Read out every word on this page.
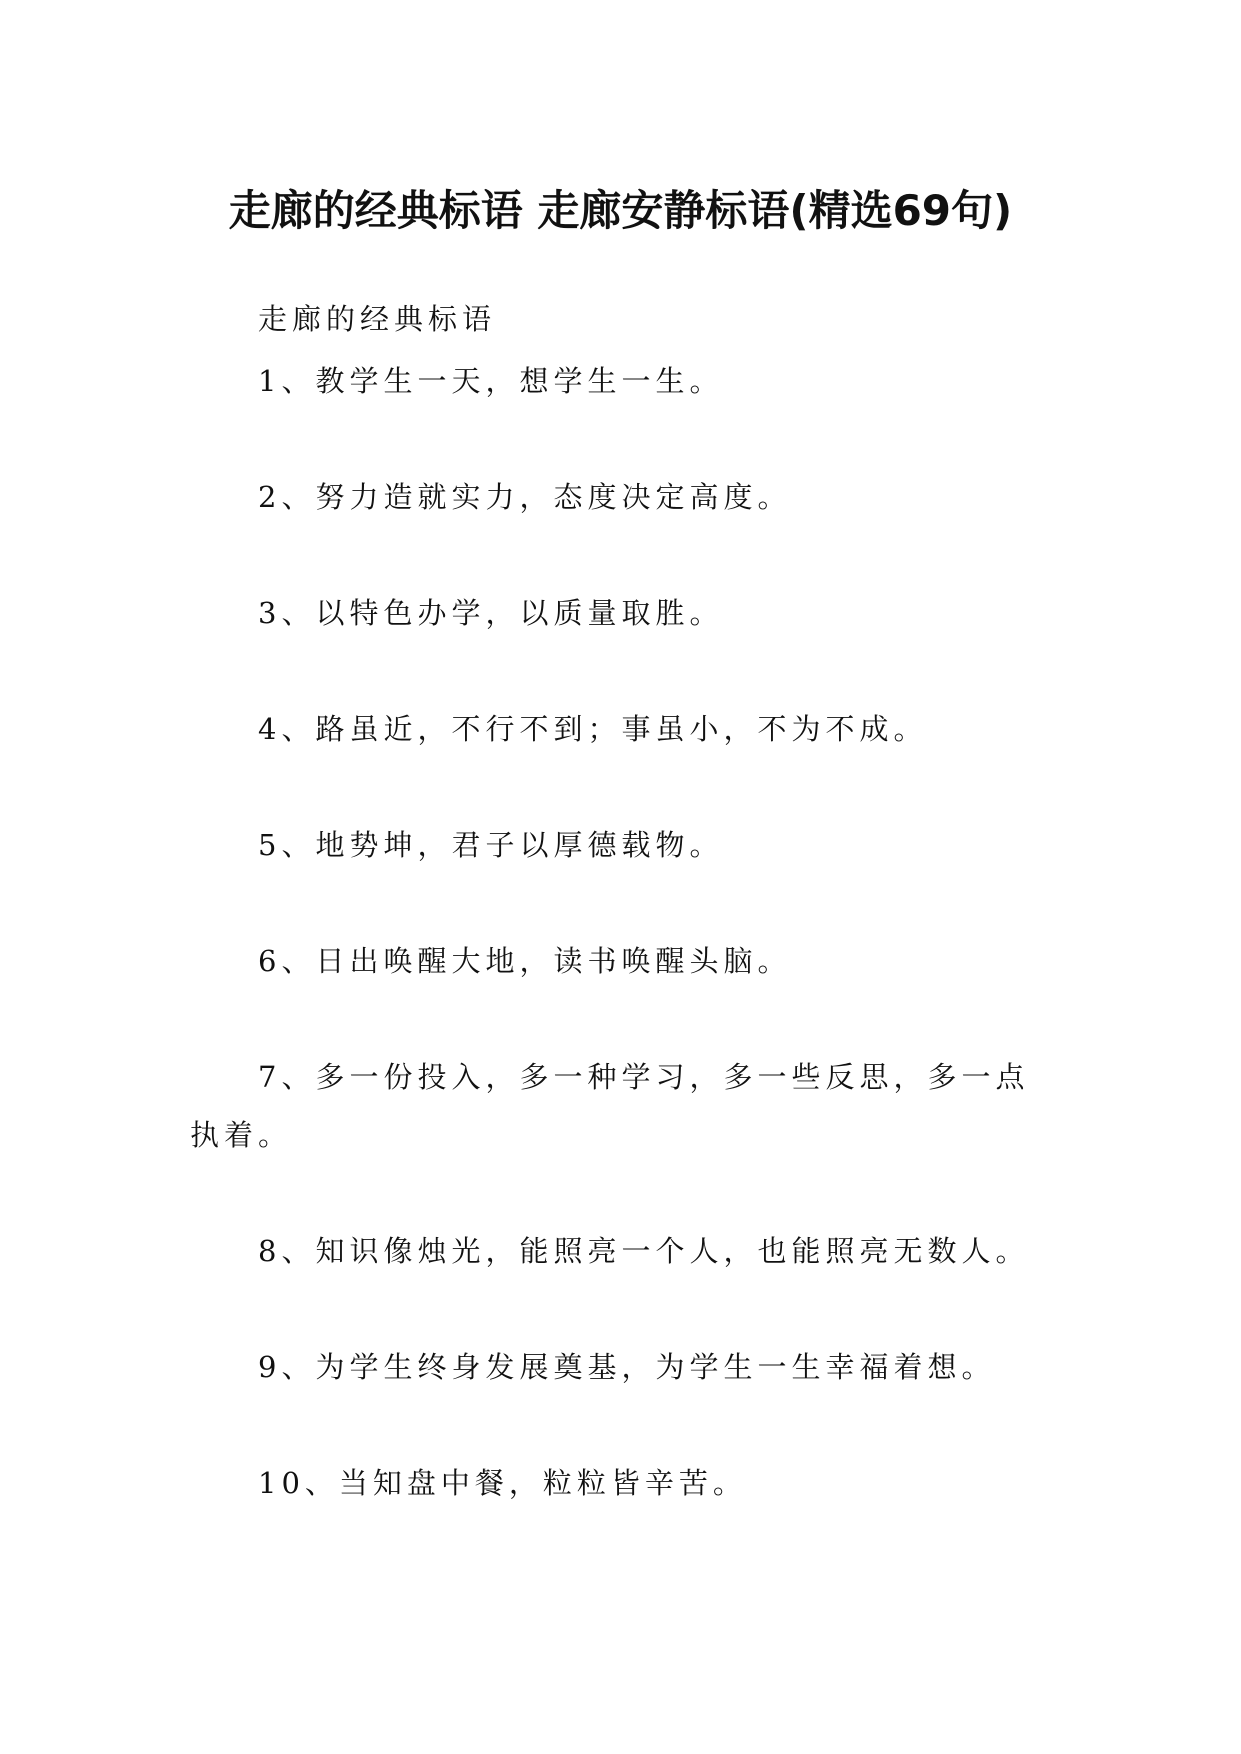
走廊的经典标语 走廊安静标语(精选69句)

走廊的经典标语

1、教学生一天，想学生一生。

2、努力造就实力，态度决定高度。

3、以特色办学，以质量取胜。

4、路虽近，不行不到；事虽小，不为不成。

5、地势坤，君子以厚德载物。

6、日出唤醒大地，读书唤醒头脑。

7、多一份投入，多一种学习，多一些反思，多一点执着。

8、知识像烛光，能照亮一个人，也能照亮无数人。

9、为学生终身发展奠基，为学生一生幸福着想。

10、当知盘中餐，粒粒皆辛苦。
